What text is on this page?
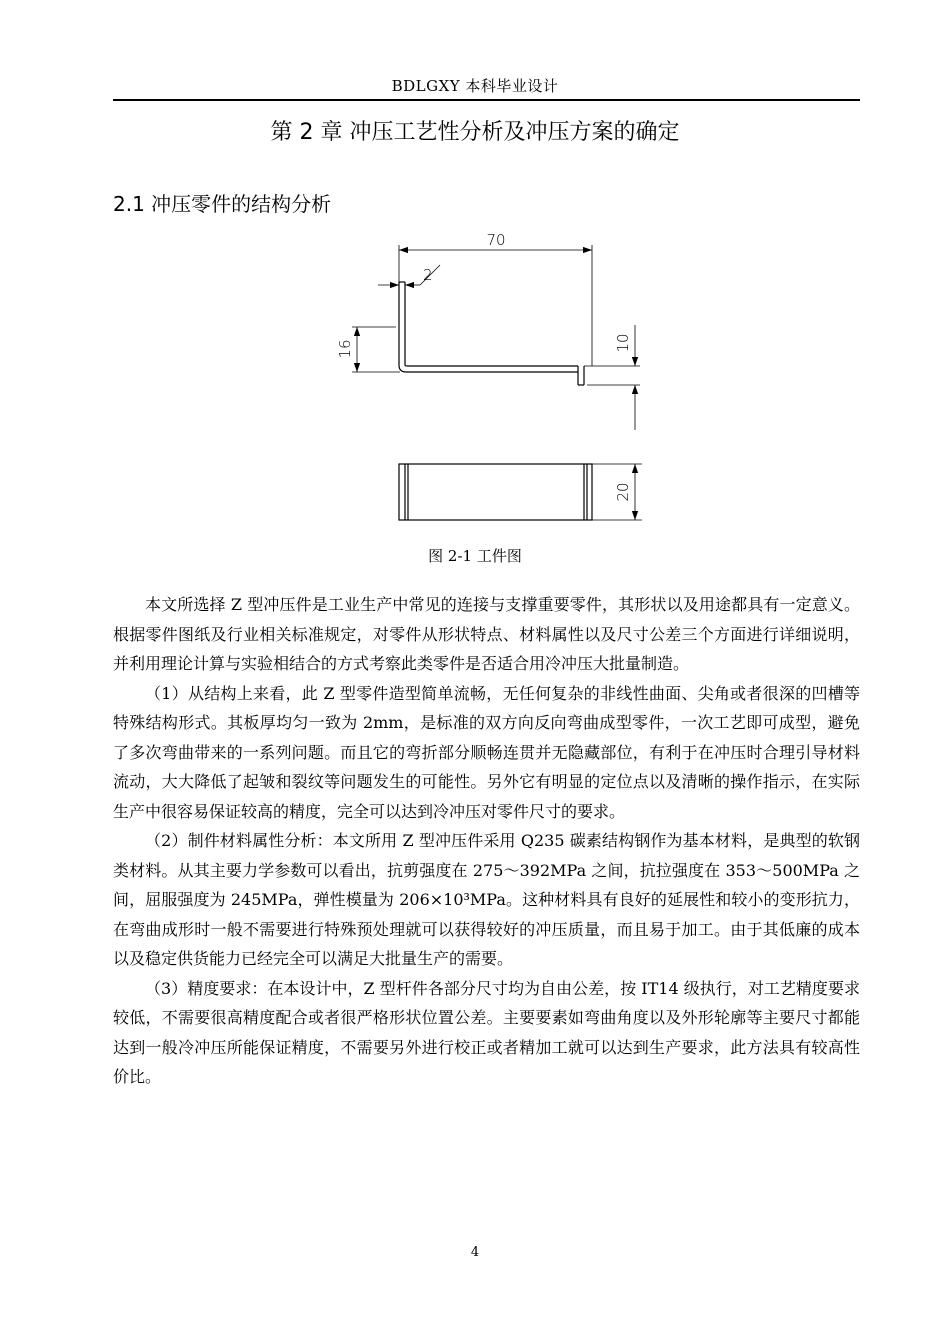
BDLGXY 本科毕业设计
第 2 章 冲压工艺性分析及冲压方案的确定
2.1 冲压零件的结构分析
70
2
16	10
20
图 2-1 工件图

本文所选择 Z 型冲压件是工业生产中常见的连接与支撑重要零件，其形状以及用途都具有一定意义。根据零件图纸及行业相关标准规定，对零件从形状特点、材料属性以及尺寸公差三个方面进行详细说明，并利用理论计算与实验相结合的方式考察此类零件是否适合用冷冲压大批量制造。

（1）从结构上来看，此 Z 型零件造型简单流畅，无任何复杂的非线性曲面、尖角或者很深的凹槽等特殊结构形式。其板厚均匀一致为 2mm，是标准的双方向反向弯曲成型零件，一次工艺即可成型，避免了多次弯曲带来的一系列问题。而且它的弯折部分顺畅连贯并无隐藏部位，有利于在冲压时合理引导材料流动，大大降低了起皱和裂纹等问题发生的可能性。另外它有明显的定位点以及清晰的操作指示，在实际生产中很容易保证较高的精度，完全可以达到冷冲压对零件尺寸的要求。

（2）制件材料属性分析：本文所用 Z 型冲压件采用 Q235 碳素结构钢作为基本材料，是典型的软钢类材料。从其主要力学参数可以看出，抗剪强度在 275～392MPa 之间，抗拉强度在 353～500MPa 之间，屈服强度为 245MPa，弹性模量为 206×10³MPa。这种材料具有良好的延展性和较小的变形抗力，在弯曲成形时一般不需要进行特殊预处理就可以获得较好的冲压质量，而且易于加工。由于其低廉的成本以及稳定供货能力已经完全可以满足大批量生产的需要。

（3）精度要求：在本设计中，Z 型杆件各部分尺寸均为自由公差，按 IT14 级执行，对工艺精度要求较低，不需要很高精度配合或者很严格形状位置公差。主要要素如弯曲角度以及外形轮廓等主要尺寸都能达到一般冷冲压所能保证精度，不需要另外进行校正或者精加工就可以达到生产要求，此方法具有较高性价比。

4
